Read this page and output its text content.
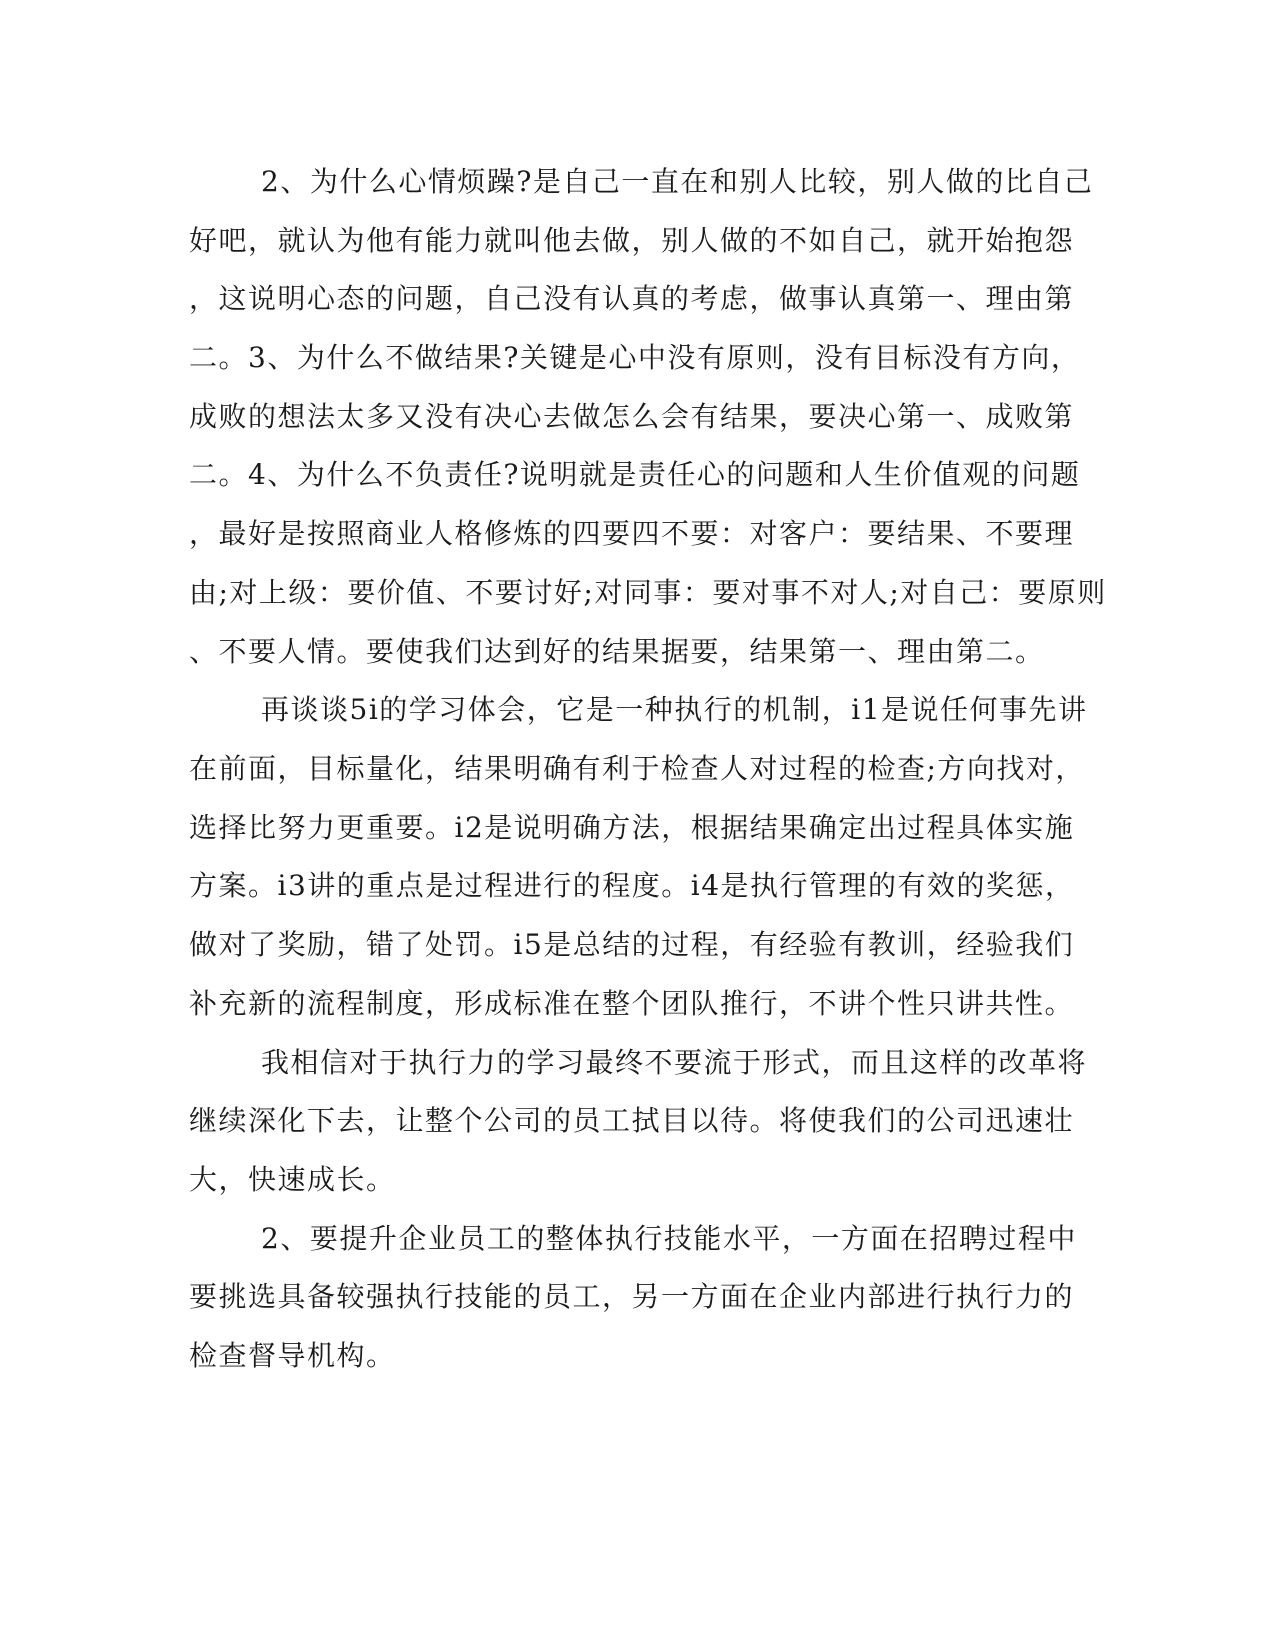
2、为什么心情烦躁?是自己一直在和别人比较，别人做的比自己
好吧，就认为他有能力就叫他去做，别人做的不如自己，就开始抱怨
，这说明心态的问题，自己没有认真的考虑，做事认真第一、理由第
二。3、为什么不做结果?关键是心中没有原则，没有目标没有方向，
成败的想法太多又没有决心去做怎么会有结果，要决心第一、成败第
二。4、为什么不负责任?说明就是责任心的问题和人生价值观的问题
，最好是按照商业人格修炼的四要四不要：对客户：要结果、不要理
由;对上级：要价值、不要讨好;对同事：要对事不对人;对自己：要原则
、不要人情。要使我们达到好的结果据要，结果第一、理由第二。
再谈谈5i的学习体会，它是一种执行的机制，i1是说任何事先讲
在前面，目标量化，结果明确有利于检查人对过程的检查;方向找对，
选择比努力更重要。i2是说明确方法，根据结果确定出过程具体实施
方案。i3讲的重点是过程进行的程度。i4是执行管理的有效的奖惩，
做对了奖励，错了处罚。i5是总结的过程，有经验有教训，经验我们
补充新的流程制度，形成标准在整个团队推行，不讲个性只讲共性。
我相信对于执行力的学习最终不要流于形式，而且这样的改革将
继续深化下去，让整个公司的员工拭目以待。将使我们的公司迅速壮
大，快速成长。
2、要提升企业员工的整体执行技能水平，一方面在招聘过程中
要挑选具备较强执行技能的员工，另一方面在企业内部进行执行力的
检查督导机构。
